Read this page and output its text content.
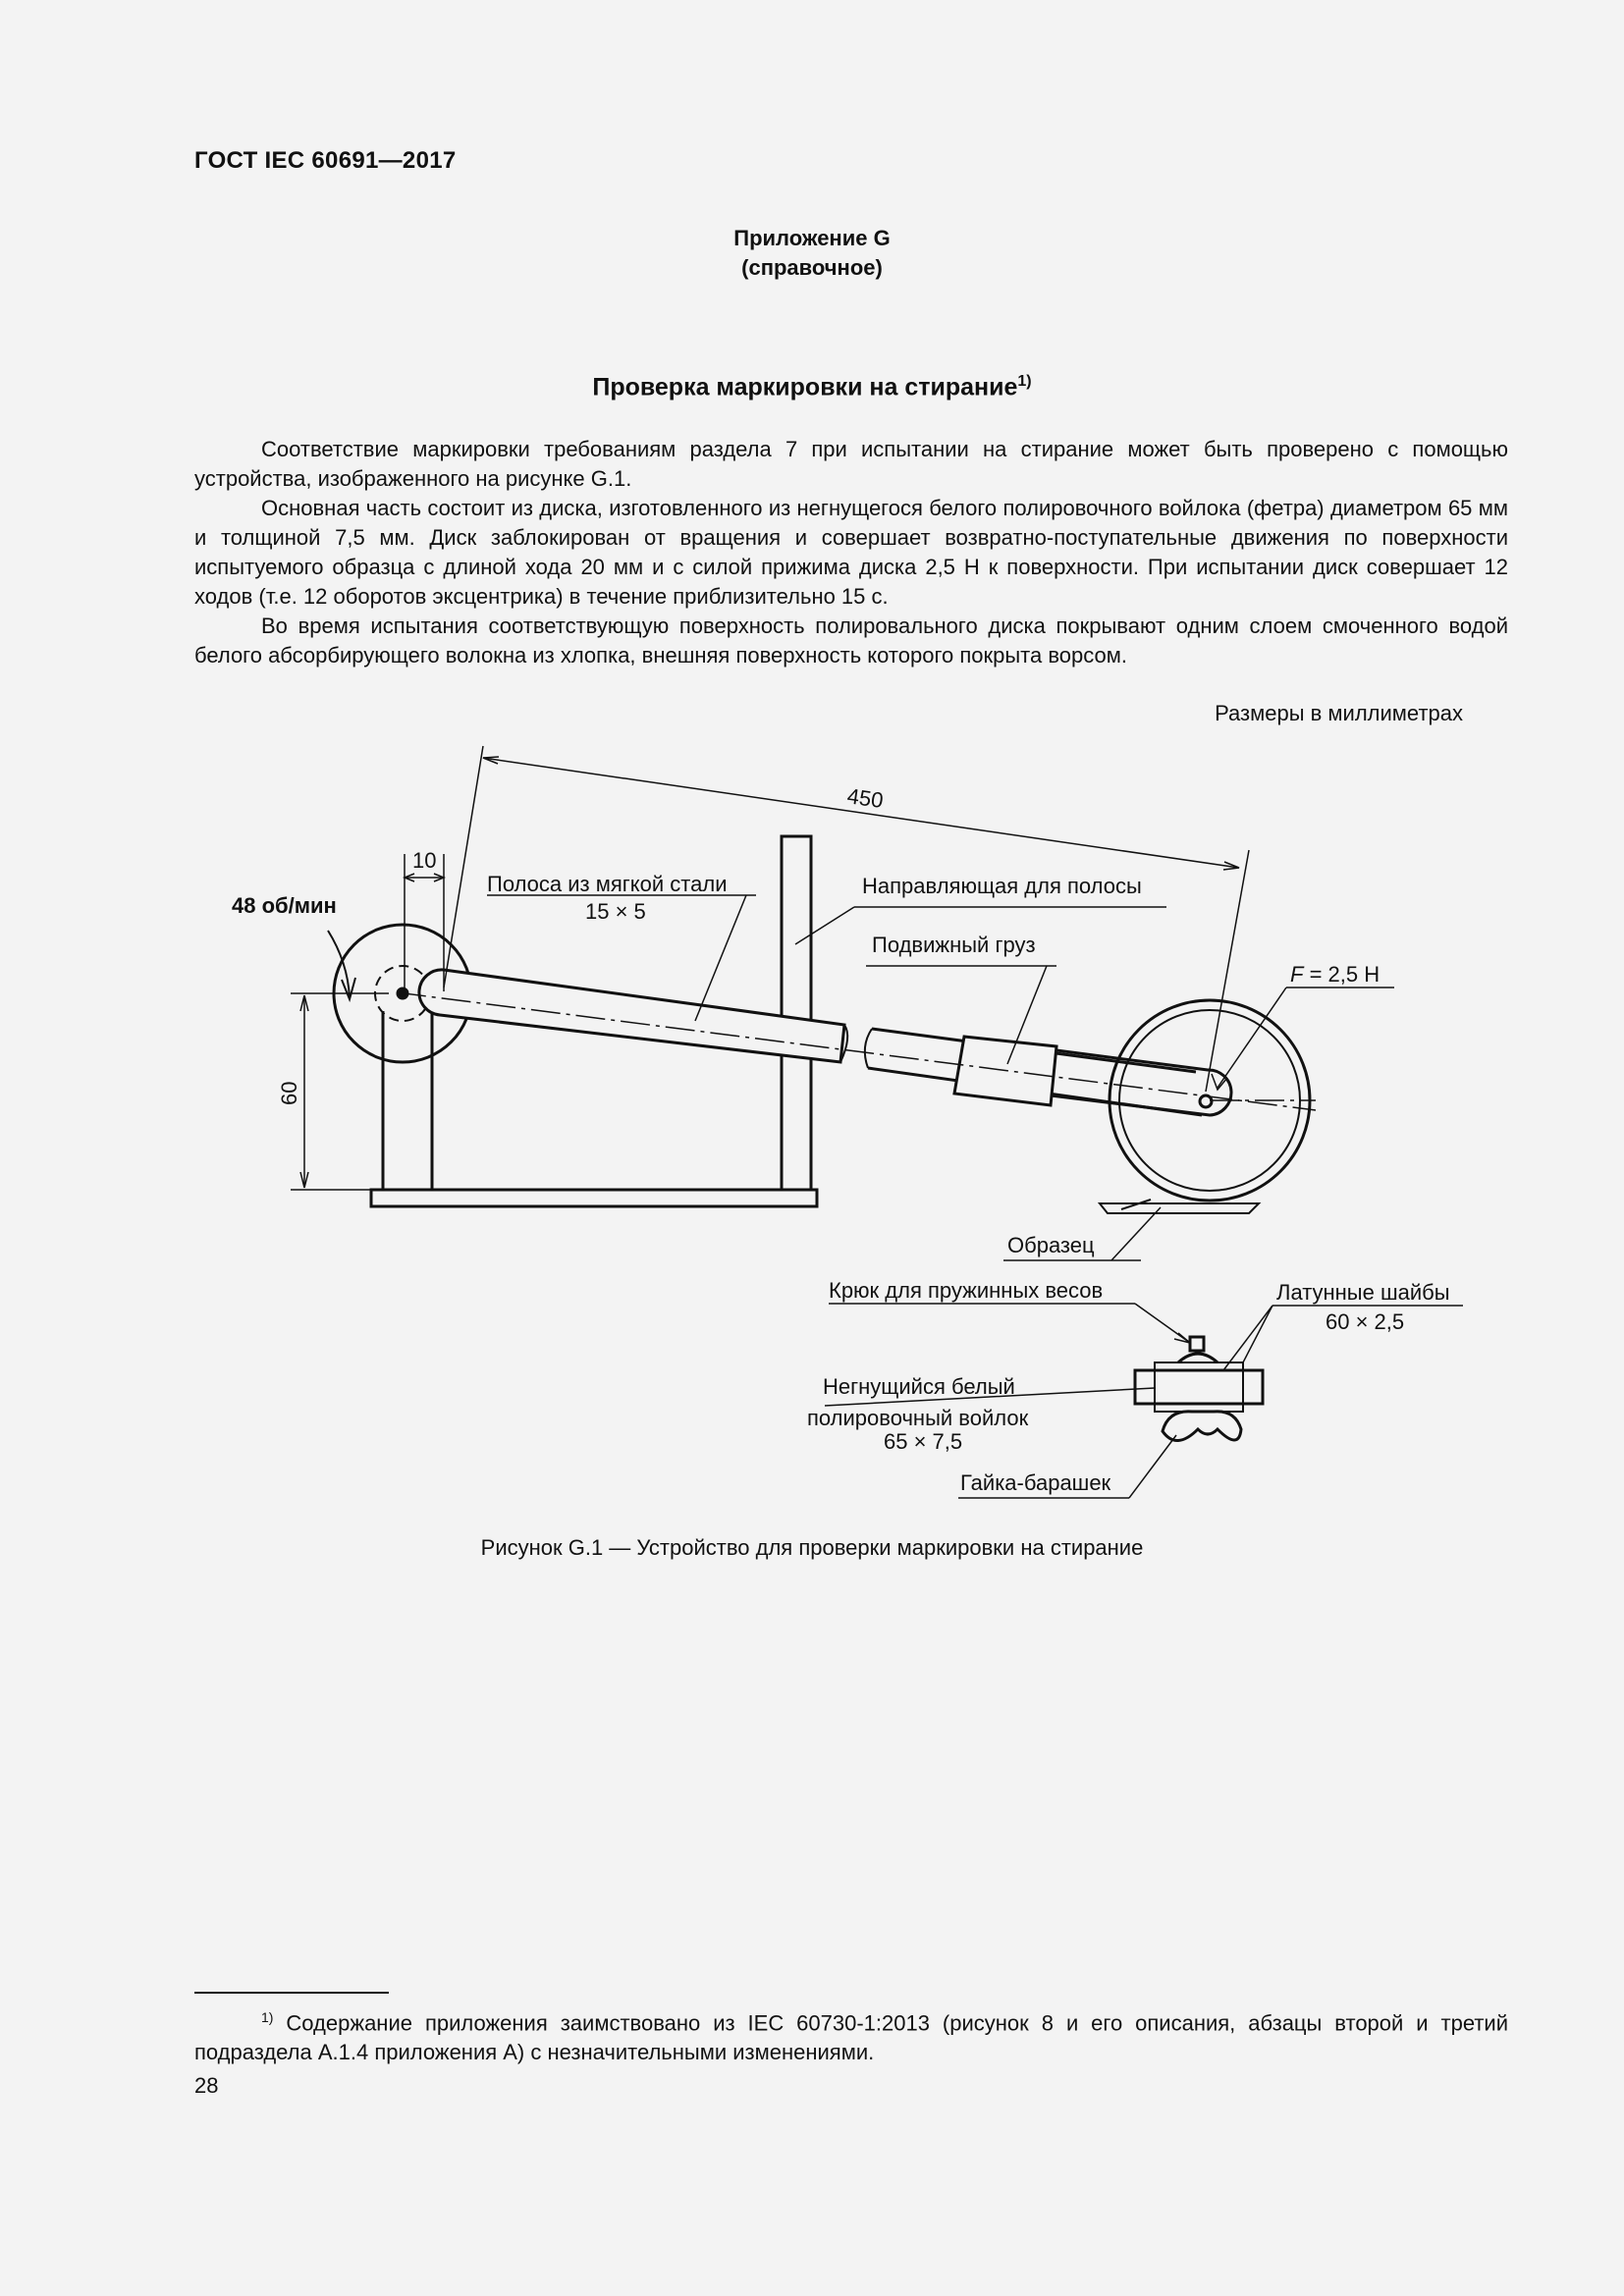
ГОСТ IEC 60691—2017
Приложение G
(справочное)
Проверка маркировки на стирание$^{1)}$

Соответствие маркировки требованиям раздела 7 при испытании на стирание может быть проверено с помощью устройства, изображенного на рисунке G.1.

Основная часть состоит из диска, изготовленного из негнущегося белого полировочного войлока (фетра) диаметром 65 мм и толщиной 7,5 мм. Диск заблокирован от вращения и совершает возвратно-поступательные движения по поверхности испытуемого образца с длиной хода 20 мм и с силой прижима диска 2,5 Н к поверхности. При испытании диск совершает 12 ходов (т.е. 12 оборотов эксцентрика) в течение приблизительно 15 с.

Во время испытания соответствующую поверхность полировального диска покрывают одним слоем смоченного водой белого абсорбирующего волокна из хлопка, внешняя поверхность которого покрыта ворсом.

Размеры в миллиметрах
450
10
60
48 об/мин
Полоса из мягкой стали
15 × 5
Направляющая для полосы
Подвижный груз
F = 2,5 Н
Образец
Крюк для пружинных весов	Латунные шайбы
60 × 2,5
Негнущийся белый
полировочный войлок
65 × 7,5
Гайка-барашек
Рисунок G.1 — Устройство для проверки маркировки на стирание
$^{1)}$ Содержание приложения заимствовано из IEC 60730-1:2013 (рисунок 8 и его описания, абзацы второй и третий подраздела А.1.4 приложения А) с незначительными изменениями.
28
